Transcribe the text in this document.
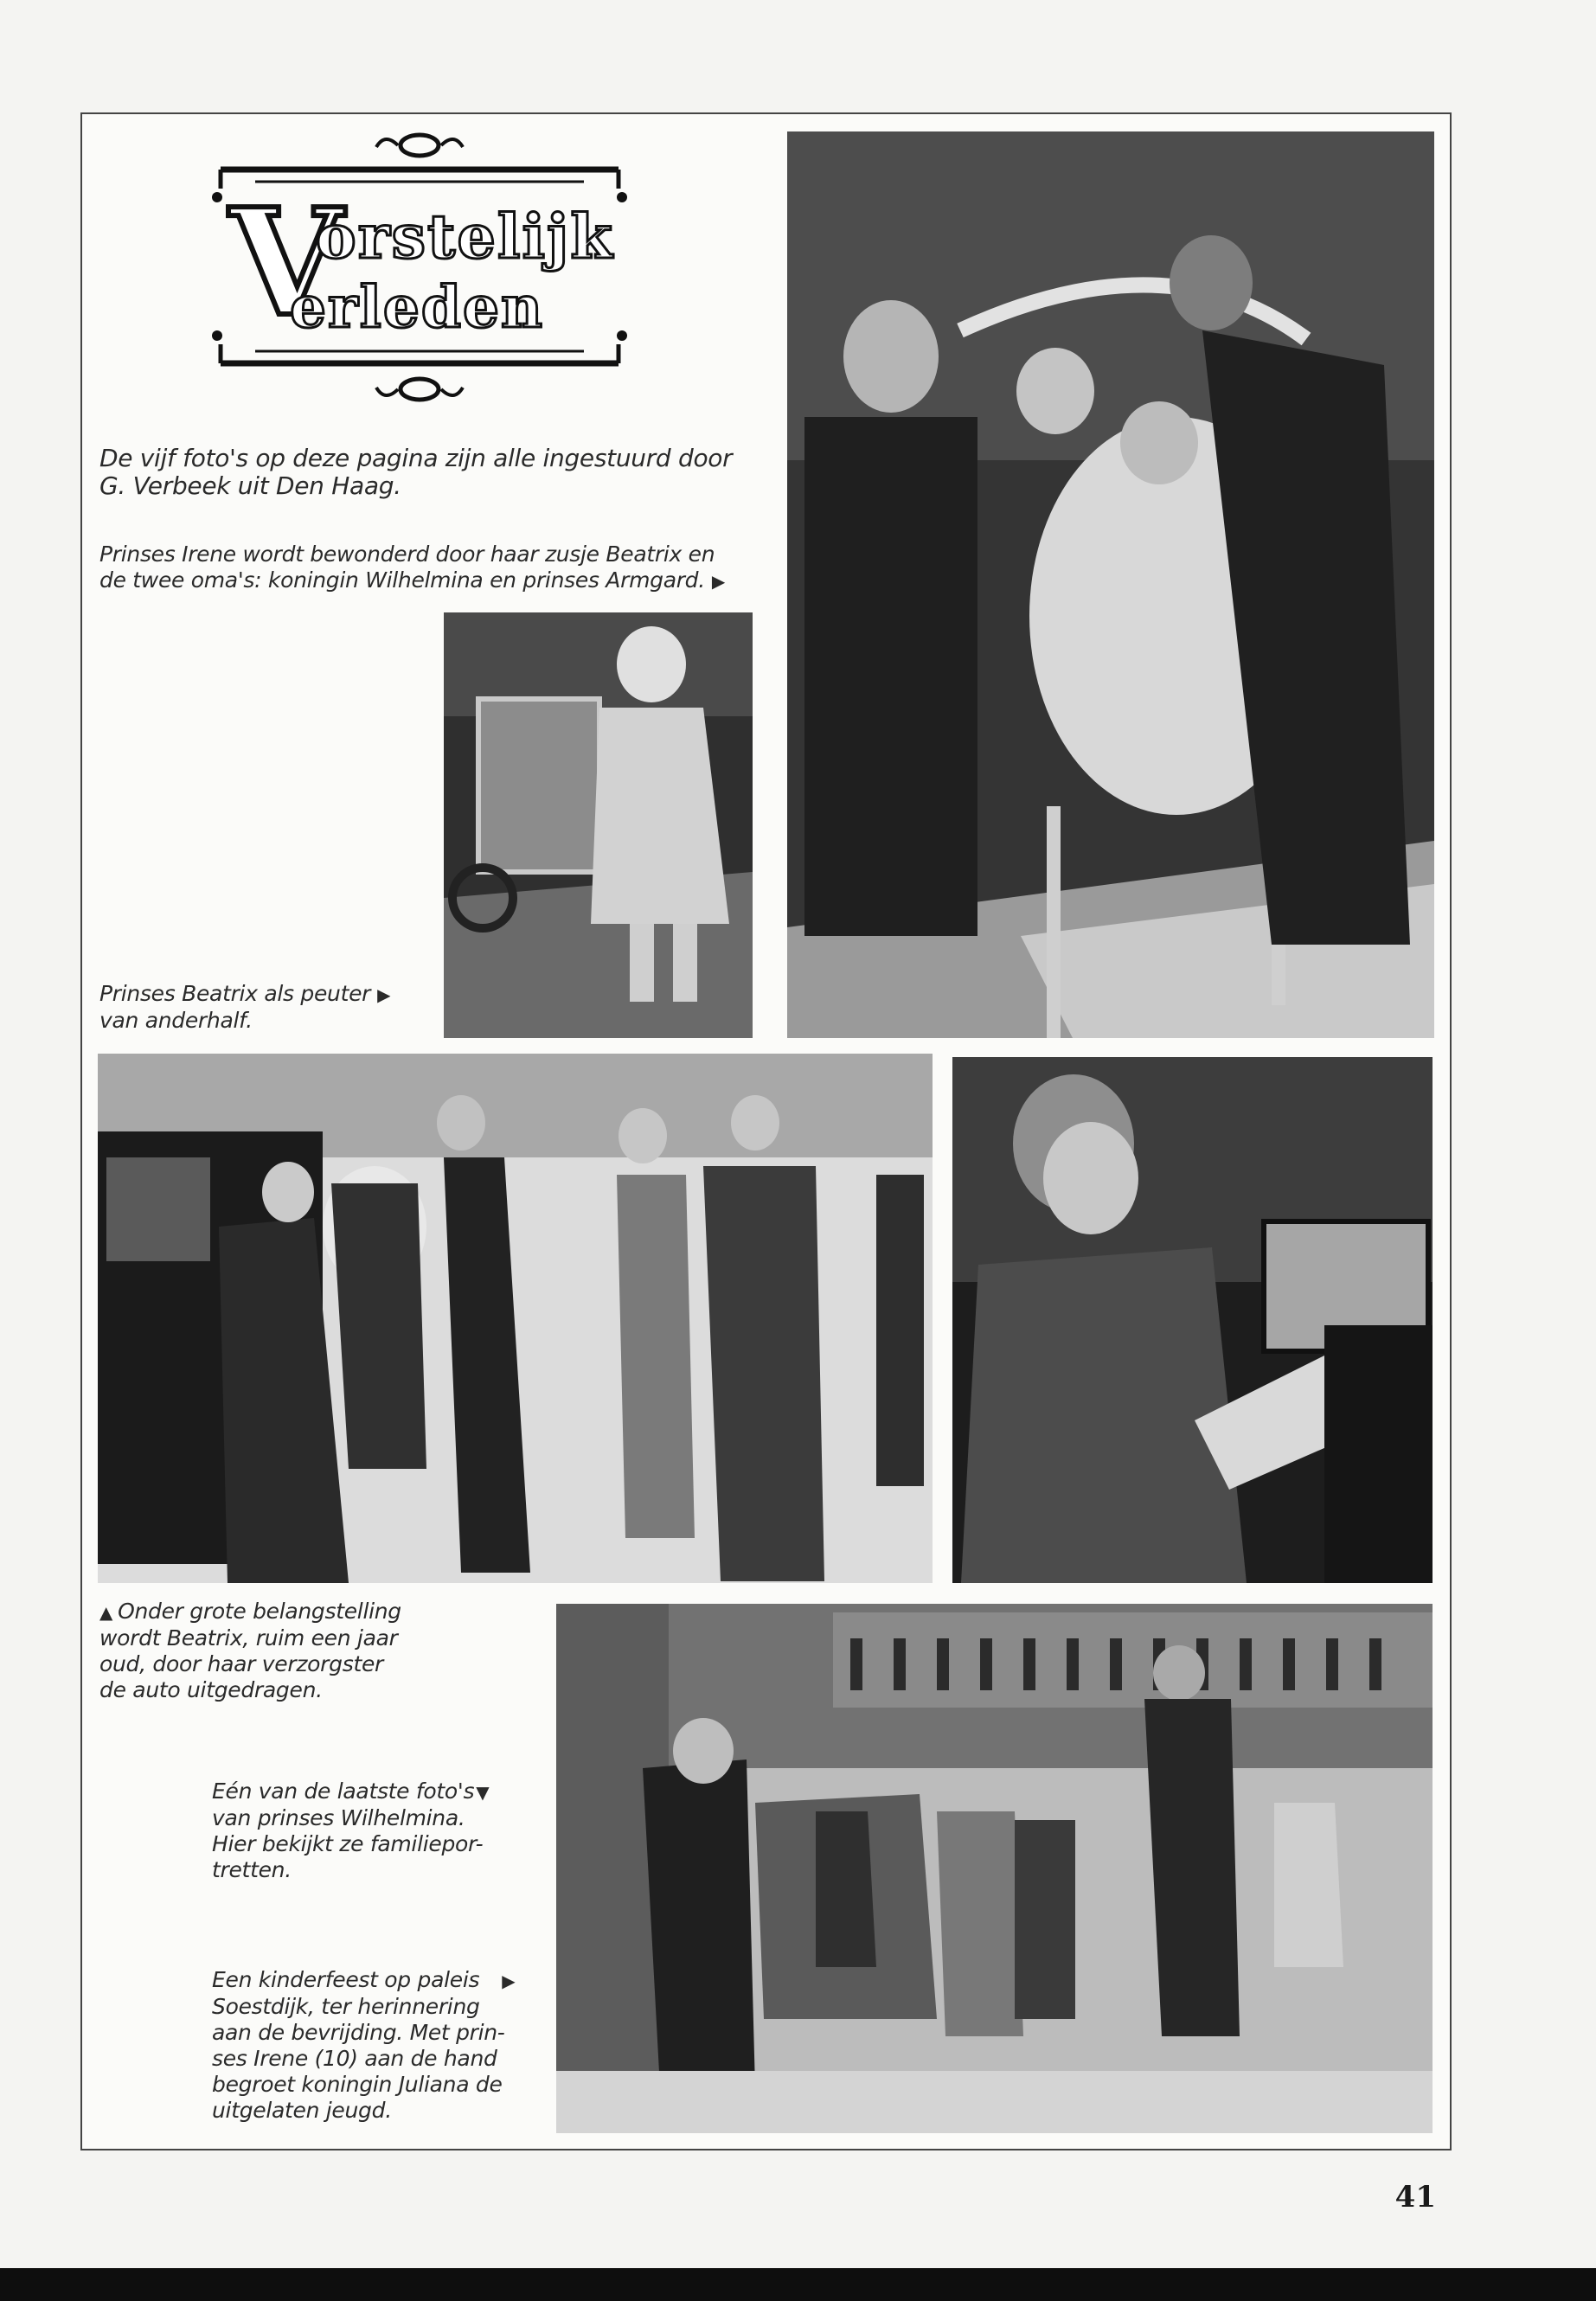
V
orstelijk
erleden
De vijf foto's op deze pagina zijn alle ingestuurd door G. Verbeek uit Den Haag.
Prinses Irene wordt bewonderd door haar zusje Beatrix en
de twee oma's: koningin Wilhelmina en prinses Armgard. ▶
Prinses Beatrix als peuter ▶
van anderhalf.
▲ Onder grote belangstelling
wordt Beatrix, ruim een jaar
oud, door haar verzorgster
de auto uitgedragen.
Eén van de laatste foto's ▼
van prinses Wilhelmina.
Hier bekijkt ze familiepor-
tretten.
Een kinderfeest op paleis ▶
Soestdijk, ter herinnering
aan de bevrijding. Met prin-
ses Irene (10) aan de hand
begroet koningin Juliana de
uitgelaten jeugd.
41
